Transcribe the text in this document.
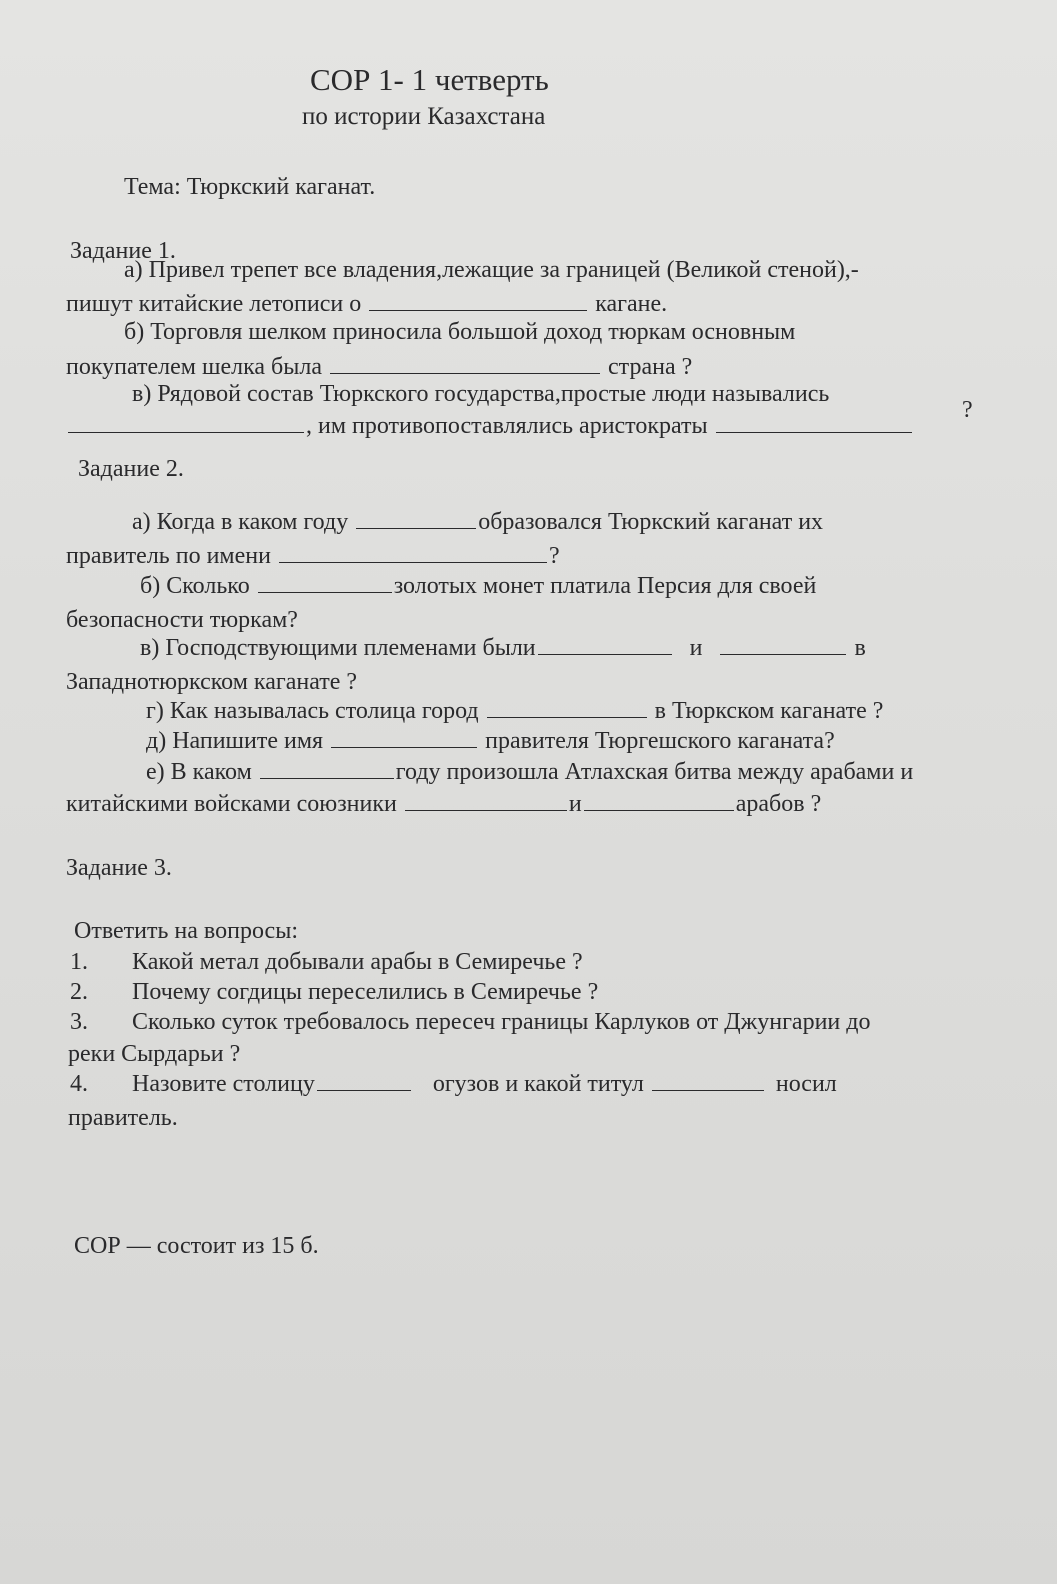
СОР 1- 1 четверть
по истории Казахстана
Тема: Тюркский каганат.
Задание 1.
а) Привел трепет все владения,лежащие за границей (Великой стеной),-
пишут китайские летописи о	кагане.
б) Торговля шелком приносила большой доход тюркам основным
покупателем шелка была	страна ?
в) Рядовой состав Тюркского государства,простые люди назывались
?
, им противопоставлялись аристократы
Задание 2.
а) Когда в каком году	образовался Тюркский каганат их
правитель по имени	?
б) Сколько	золотых монет платила Персия для своей
безопасности тюркам?
в) Господствующими племенами были	и	в
Западнотюркском каганате ?
г) Как называлась столица город	в Тюркском каганате ?
д) Напишите имя	правителя Тюргешского каганата?
е) В каком	году произошла Атлахская битва между арабами и
китайскими войсками союзники	и	арабов ?
Задание 3.
Ответить на вопросы:
1. Какой метал добывали арабы в Семиречье ?
2. Почему согдицы переселились в Семиречье ?
3. Сколько суток требовалось пересеч границы Карлуков от Джунгарии до
реки Сырдарьи ?
4. Назовите столицу	огузов и какой титул	носил
правитель.
СОР — состоит из 15 б.
